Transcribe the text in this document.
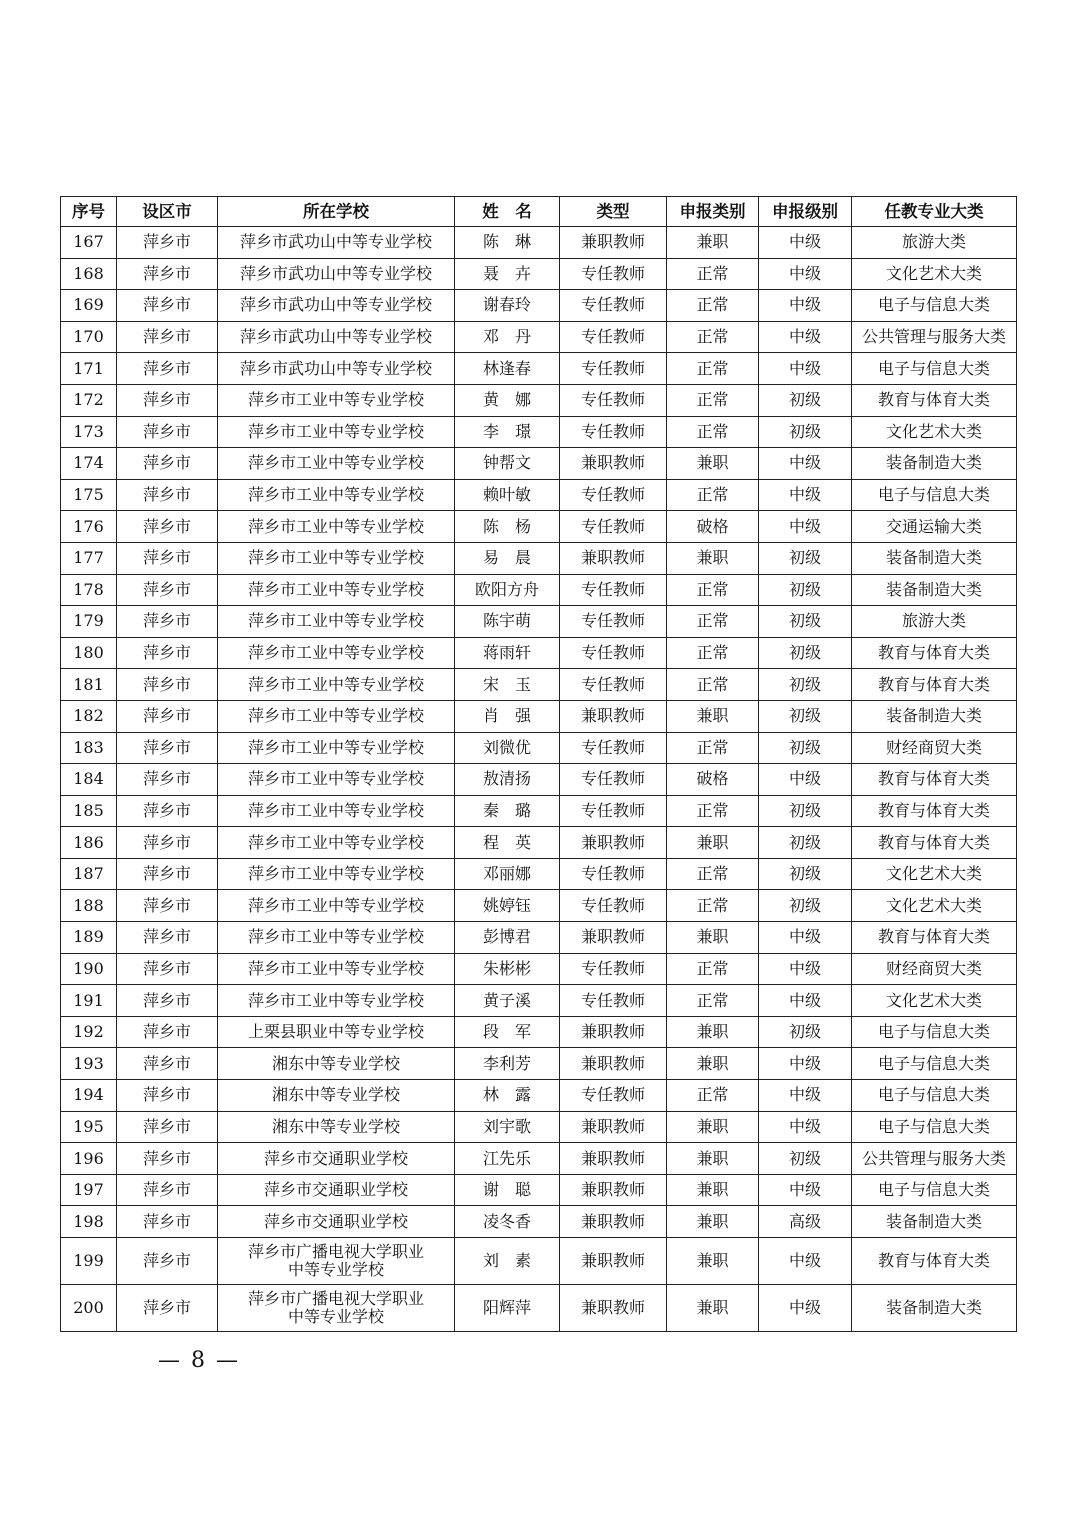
序号	设区市	所在学校	姓　名	类型	申报类别	申报级别	任教专业大类
167	萍乡市	萍乡市武功山中等专业学校	陈　琳	兼职教师	兼职	中级	旅游大类
168	萍乡市	萍乡市武功山中等专业学校	聂　卉	专任教师	正常	中级	文化艺术大类
169	萍乡市	萍乡市武功山中等专业学校	谢春玲	专任教师	正常	中级	电子与信息大类
170	萍乡市	萍乡市武功山中等专业学校	邓　丹	专任教师	正常	中级	公共管理与服务大类
171	萍乡市	萍乡市武功山中等专业学校	林逢春	专任教师	正常	中级	电子与信息大类
172	萍乡市	萍乡市工业中等专业学校	黄　娜	专任教师	正常	初级	教育与体育大类
173	萍乡市	萍乡市工业中等专业学校	李　璟	专任教师	正常	初级	文化艺术大类
174	萍乡市	萍乡市工业中等专业学校	钟帮文	兼职教师	兼职	中级	装备制造大类
175	萍乡市	萍乡市工业中等专业学校	赖叶敏	专任教师	正常	中级	电子与信息大类
176	萍乡市	萍乡市工业中等专业学校	陈　杨	专任教师	破格	中级	交通运输大类
177	萍乡市	萍乡市工业中等专业学校	易　晨	兼职教师	兼职	初级	装备制造大类
178	萍乡市	萍乡市工业中等专业学校	欧阳方舟	专任教师	正常	初级	装备制造大类
179	萍乡市	萍乡市工业中等专业学校	陈宇萌	专任教师	正常	初级	旅游大类
180	萍乡市	萍乡市工业中等专业学校	蒋雨轩	专任教师	正常	初级	教育与体育大类
181	萍乡市	萍乡市工业中等专业学校	宋　玉	专任教师	正常	初级	教育与体育大类
182	萍乡市	萍乡市工业中等专业学校	肖　强	兼职教师	兼职	初级	装备制造大类
183	萍乡市	萍乡市工业中等专业学校	刘微优	专任教师	正常	初级	财经商贸大类
184	萍乡市	萍乡市工业中等专业学校	敖清扬	专任教师	破格	中级	教育与体育大类
185	萍乡市	萍乡市工业中等专业学校	秦　璐	专任教师	正常	初级	教育与体育大类
186	萍乡市	萍乡市工业中等专业学校	程　英	兼职教师	兼职	初级	教育与体育大类
187	萍乡市	萍乡市工业中等专业学校	邓丽娜	专任教师	正常	初级	文化艺术大类
188	萍乡市	萍乡市工业中等专业学校	姚婷钰	专任教师	正常	初级	文化艺术大类
189	萍乡市	萍乡市工业中等专业学校	彭博君	兼职教师	兼职	中级	教育与体育大类
190	萍乡市	萍乡市工业中等专业学校	朱彬彬	专任教师	正常	中级	财经商贸大类
191	萍乡市	萍乡市工业中等专业学校	黄子溪	专任教师	正常	中级	文化艺术大类
192	萍乡市	上栗县职业中等专业学校	段　军	兼职教师	兼职	初级	电子与信息大类
193	萍乡市	湘东中等专业学校	李利芳	兼职教师	兼职	中级	电子与信息大类
194	萍乡市	湘东中等专业学校	林　露	专任教师	正常	中级	电子与信息大类
195	萍乡市	湘东中等专业学校	刘宇歌	兼职教师	兼职	中级	电子与信息大类
196	萍乡市	萍乡市交通职业学校	江先乐	兼职教师	兼职	初级	公共管理与服务大类
197	萍乡市	萍乡市交通职业学校	谢　聪	兼职教师	兼职	中级	电子与信息大类
198	萍乡市	萍乡市交通职业学校	凌冬香	兼职教师	兼职	高级	装备制造大类
199	萍乡市	萍乡市广播电视大学职业
中等专业学校	刘　素	兼职教师	兼职	中级	教育与体育大类
200	萍乡市	萍乡市广播电视大学职业
中等专业学校	阳辉萍	兼职教师	兼职	中级	装备制造大类
— 8 —
